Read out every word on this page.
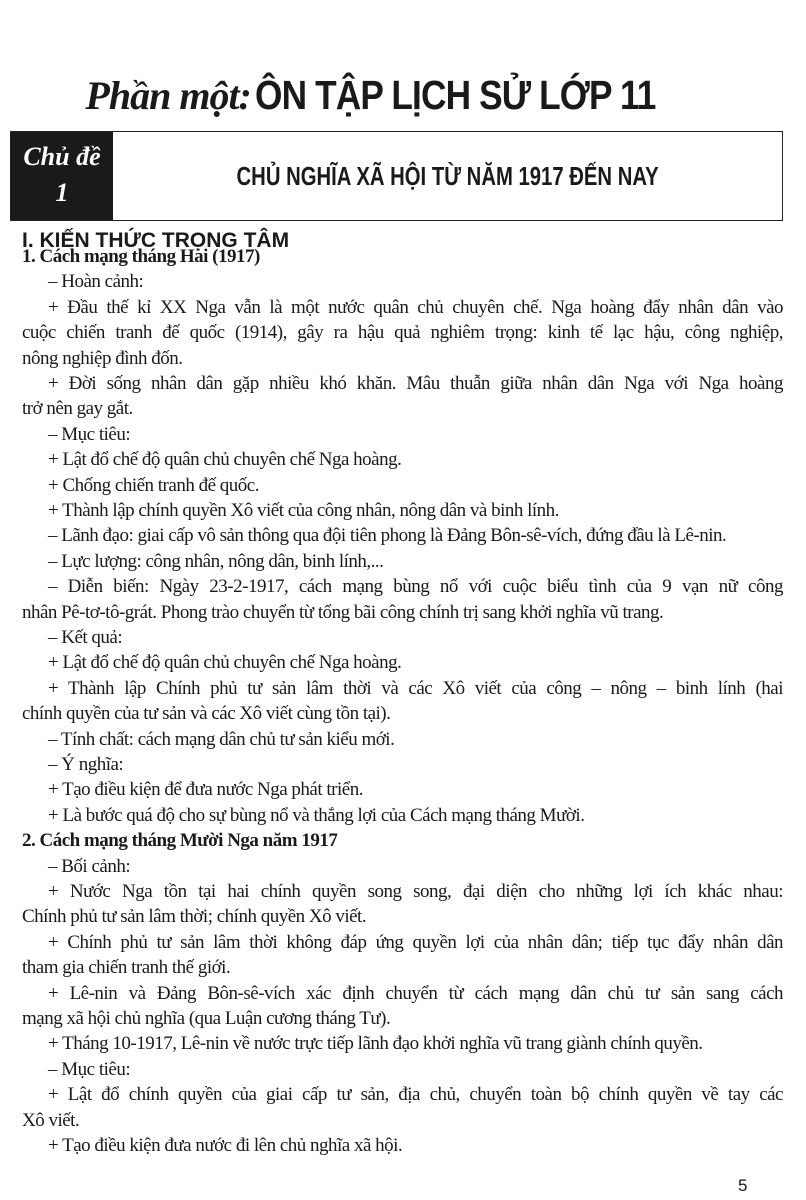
Phần một: ÔN TẬP LỊCH SỬ LỚP 11
Chủ đề
1
CHỦ NGHĨA XÃ HỘI TỪ NĂM 1917 ĐẾN NAY
I. KIẾN THỨC TRỌNG TÂM
1. Cách mạng tháng Hai (1917)
– Hoàn cảnh:
+ Đầu thế kỉ XX Nga vẫn là một nước quân chủ chuyên chế. Nga hoàng đẩy nhân dân vào
cuộc chiến tranh đế quốc (1914), gây ra hậu quả nghiêm trọng: kinh tế lạc hậu, công nghiệp,
nông nghiệp đình đốn.
+ Đời sống nhân dân gặp nhiều khó khăn. Mâu thuẫn giữa nhân dân Nga với Nga hoàng
trở nên gay gắt.
– Mục tiêu:
+ Lật đổ chế độ quân chủ chuyên chế Nga hoàng.
+ Chống chiến tranh đế quốc.
+ Thành lập chính quyền Xô viết của công nhân, nông dân và binh lính.
– Lãnh đạo: giai cấp vô sản thông qua đội tiên phong là Đảng Bôn-sê-vích, đứng đầu là Lê-nin.
– Lực lượng: công nhân, nông dân, binh lính,...
– Diễn biến: Ngày 23-2-1917, cách mạng bùng nổ với cuộc biểu tình của 9 vạn nữ công
nhân Pê-tơ-tô-grát. Phong trào chuyển từ tổng bãi công chính trị sang khởi nghĩa vũ trang.
– Kết quả:
+ Lật đổ chế độ quân chủ chuyên chế Nga hoàng.
+ Thành lập Chính phủ tư sản lâm thời và các Xô viết của công – nông – binh lính (hai
chính quyền của tư sản và các Xô viết cùng tồn tại).
– Tính chất: cách mạng dân chủ tư sản kiểu mới.
– Ý nghĩa:
+ Tạo điều kiện để đưa nước Nga phát triển.
+ Là bước quá độ cho sự bùng nổ và thắng lợi của Cách mạng tháng Mười.
2. Cách mạng tháng Mười Nga năm 1917
– Bối cảnh:
+ Nước Nga tồn tại hai chính quyền song song, đại diện cho những lợi ích khác nhau:
Chính phủ tư sản lâm thời; chính quyền Xô viết.
+ Chính phủ tư sản lâm thời không đáp ứng quyền lợi của nhân dân; tiếp tục đẩy nhân dân
tham gia chiến tranh thế giới.
+ Lê-nin và Đảng Bôn-sê-vích xác định chuyển từ cách mạng dân chủ tư sản sang cách
mạng xã hội chủ nghĩa (qua Luận cương tháng Tư).
+ Tháng 10-1917, Lê-nin về nước trực tiếp lãnh đạo khởi nghĩa vũ trang giành chính quyền.
– Mục tiêu:
+ Lật đổ chính quyền của giai cấp tư sản, địa chủ, chuyển toàn bộ chính quyền về tay các
Xô viết.
+ Tạo điều kiện đưa nước đi lên chủ nghĩa xã hội.
5
